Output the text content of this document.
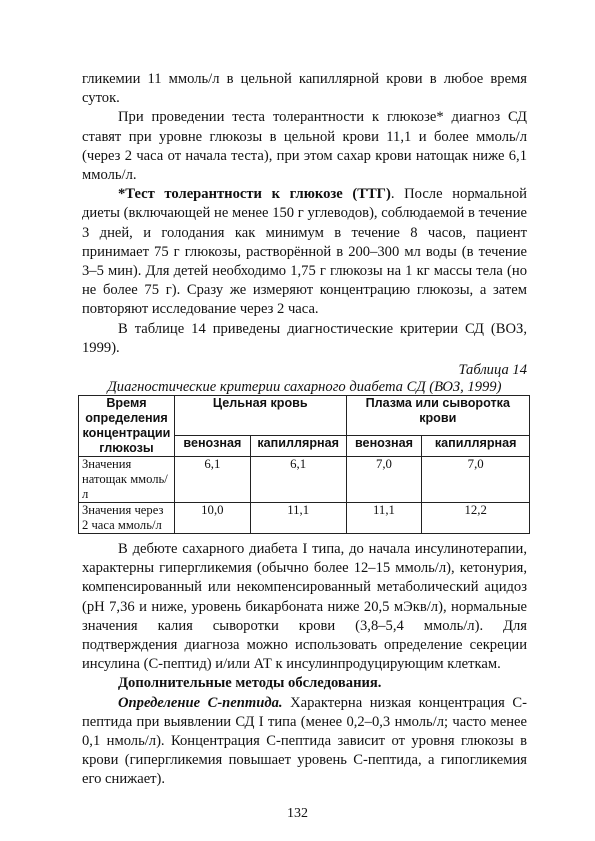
гликемии 11 ммоль/л в цельной капиллярной крови в любое время суток.

При проведении теста толерантности к глюкозе* диагноз СД ставят при уровне глюкозы в цельной крови 11,1 и более ммоль/л (через 2 часа от начала теста), при этом сахар крови натощак ниже 6,1 ммоль/л.

*Тест толерантности к глюкозе (ТТГ). После нормальной диеты (включающей не менее 150 г углеводов), соблюдаемой в течение 3 дней, и голодания как минимум в течение 8 часов, пациент принимает 75 г глюкозы, растворённой в 200–300 мл воды (в течение 3–5 мин). Для детей необходимо 1,75 г глюкозы на 1 кг массы тела (но не более 75 г). Сразу же измеряют концентрацию глюкозы, а затем повторяют исследование через 2 часа.

В таблице 14 приведены диагностические критерии СД (ВОЗ, 1999).

Таблица 14
Диагностические критерии сахарного диабета СД (ВОЗ, 1999)
Время определения концентрации глюкозы	Цельная кровь		Плазма или сыворотка крови	
	венозная	капиллярная	венозная	капиллярная
Значения натощак ммоль/л	6,1	6,1	7,0	7,0
Значения через 2 часа ммоль/л	10,0	11,1	11,1	12,2

В дебюте сахарного диабета I типа, до начала инсулинотерапии, характерны гипергликемия (обычно более 12–15 ммоль/л), кетонурия, компенсированный или некомпенсированный метаболический ацидоз (рН 7,36 и ниже, уровень бикарбоната ниже 20,5 мЭкв/л), нормальные значения калия сыворотки крови (3,8–5,4 ммоль/л). Для подтверждения диагноза можно использовать определение секреции инсулина (С-пептид) и/или АТ к инсулинпродуцирующим клеткам.

Дополнительные методы обследования.

Определение С-пептида. Характерна низкая концентрация С-пептида при выявлении СД I типа (менее 0,2–0,3 нмоль/л; часто менее 0,1 нмоль/л). Концентрация С-пептида зависит от уровня глюкозы в крови (гипергликемия повышает уровень С-пептида, а гипогликемия его снижает).

132
